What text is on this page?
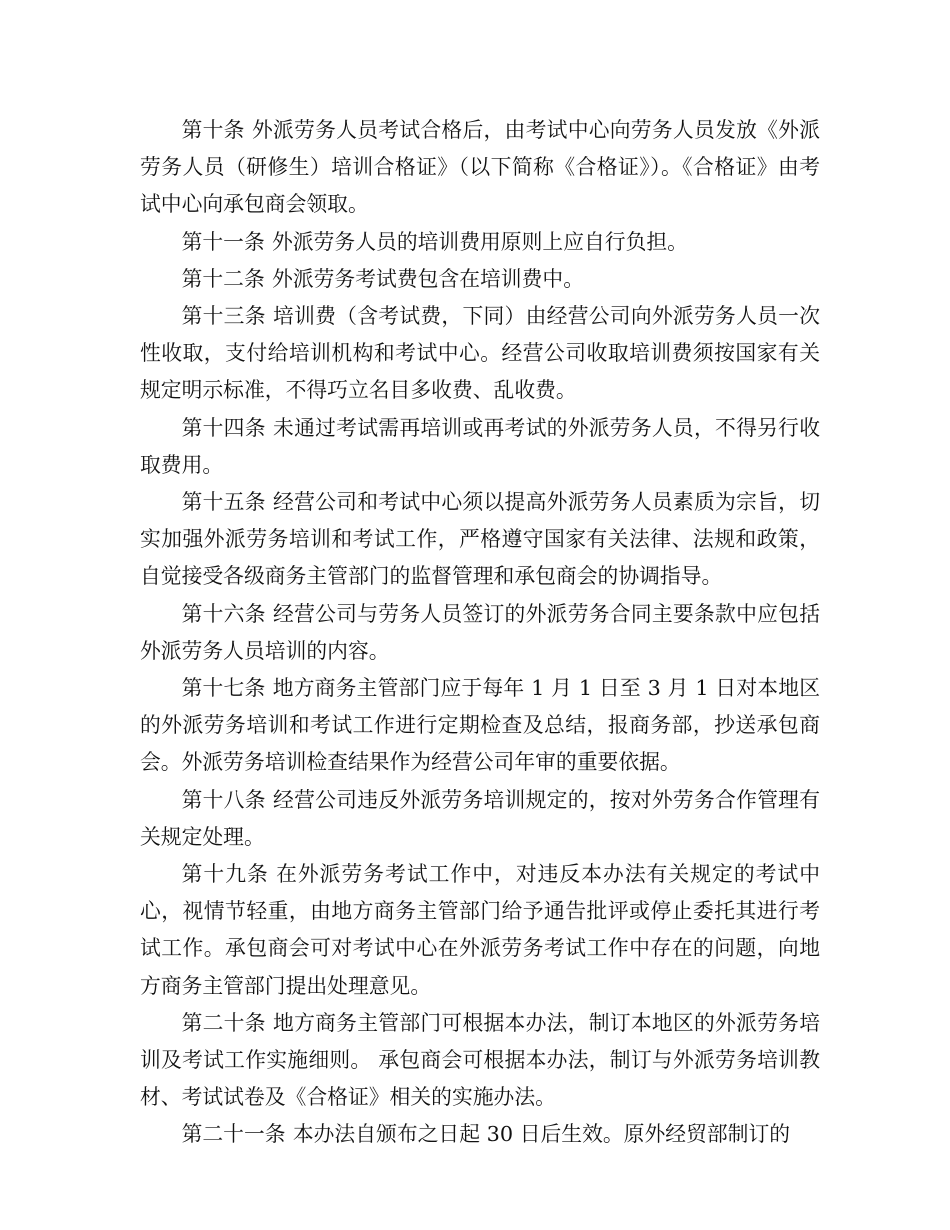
第十条 外派劳务人员考试合格后，由考试中心向劳务人员发放《外派劳务人员（研修生）培训合格证》（以下简称《合格证》）。《合格证》由考试中心向承包商会领取。

第十一条 外派劳务人员的培训费用原则上应自行负担。

第十二条 外派劳务考试费包含在培训费中。

第十三条 培训费（含考试费，下同）由经营公司向外派劳务人员一次性收取，支付给培训机构和考试中心。经营公司收取培训费须按国家有关规定明示标准，不得巧立名目多收费、乱收费。

第十四条 未通过考试需再培训或再考试的外派劳务人员，不得另行收取费用。

第十五条 经营公司和考试中心须以提高外派劳务人员素质为宗旨，切实加强外派劳务培训和考试工作，严格遵守国家有关法律、法规和政策，自觉接受各级商务主管部门的监督管理和承包商会的协调指导。

第十六条 经营公司与劳务人员签订的外派劳务合同主要条款中应包括外派劳务人员培训的内容。

第十七条 地方商务主管部门应于每年 1 月 1 日至 3 月 1 日对本地区的外派劳务培训和考试工作进行定期检查及总结，报商务部，抄送承包商会。外派劳务培训检查结果作为经营公司年审的重要依据。

第十八条 经营公司违反外派劳务培训规定的，按对外劳务合作管理有关规定处理。

第十九条 在外派劳务考试工作中，对违反本办法有关规定的考试中心，视情节轻重，由地方商务主管部门给予通告批评或停止委托其进行考试工作。承包商会可对考试中心在外派劳务考试工作中存在的问题，向地方商务主管部门提出处理意见。

第二十条 地方商务主管部门可根据本办法，制订本地区的外派劳务培训及考试工作实施细则。 承包商会可根据本办法，制订与外派劳务培训教材、考试试卷及《合格证》相关的实施办法。

第二十一条 本办法自颁布之日起 30 日后生效。原外经贸部制订的
